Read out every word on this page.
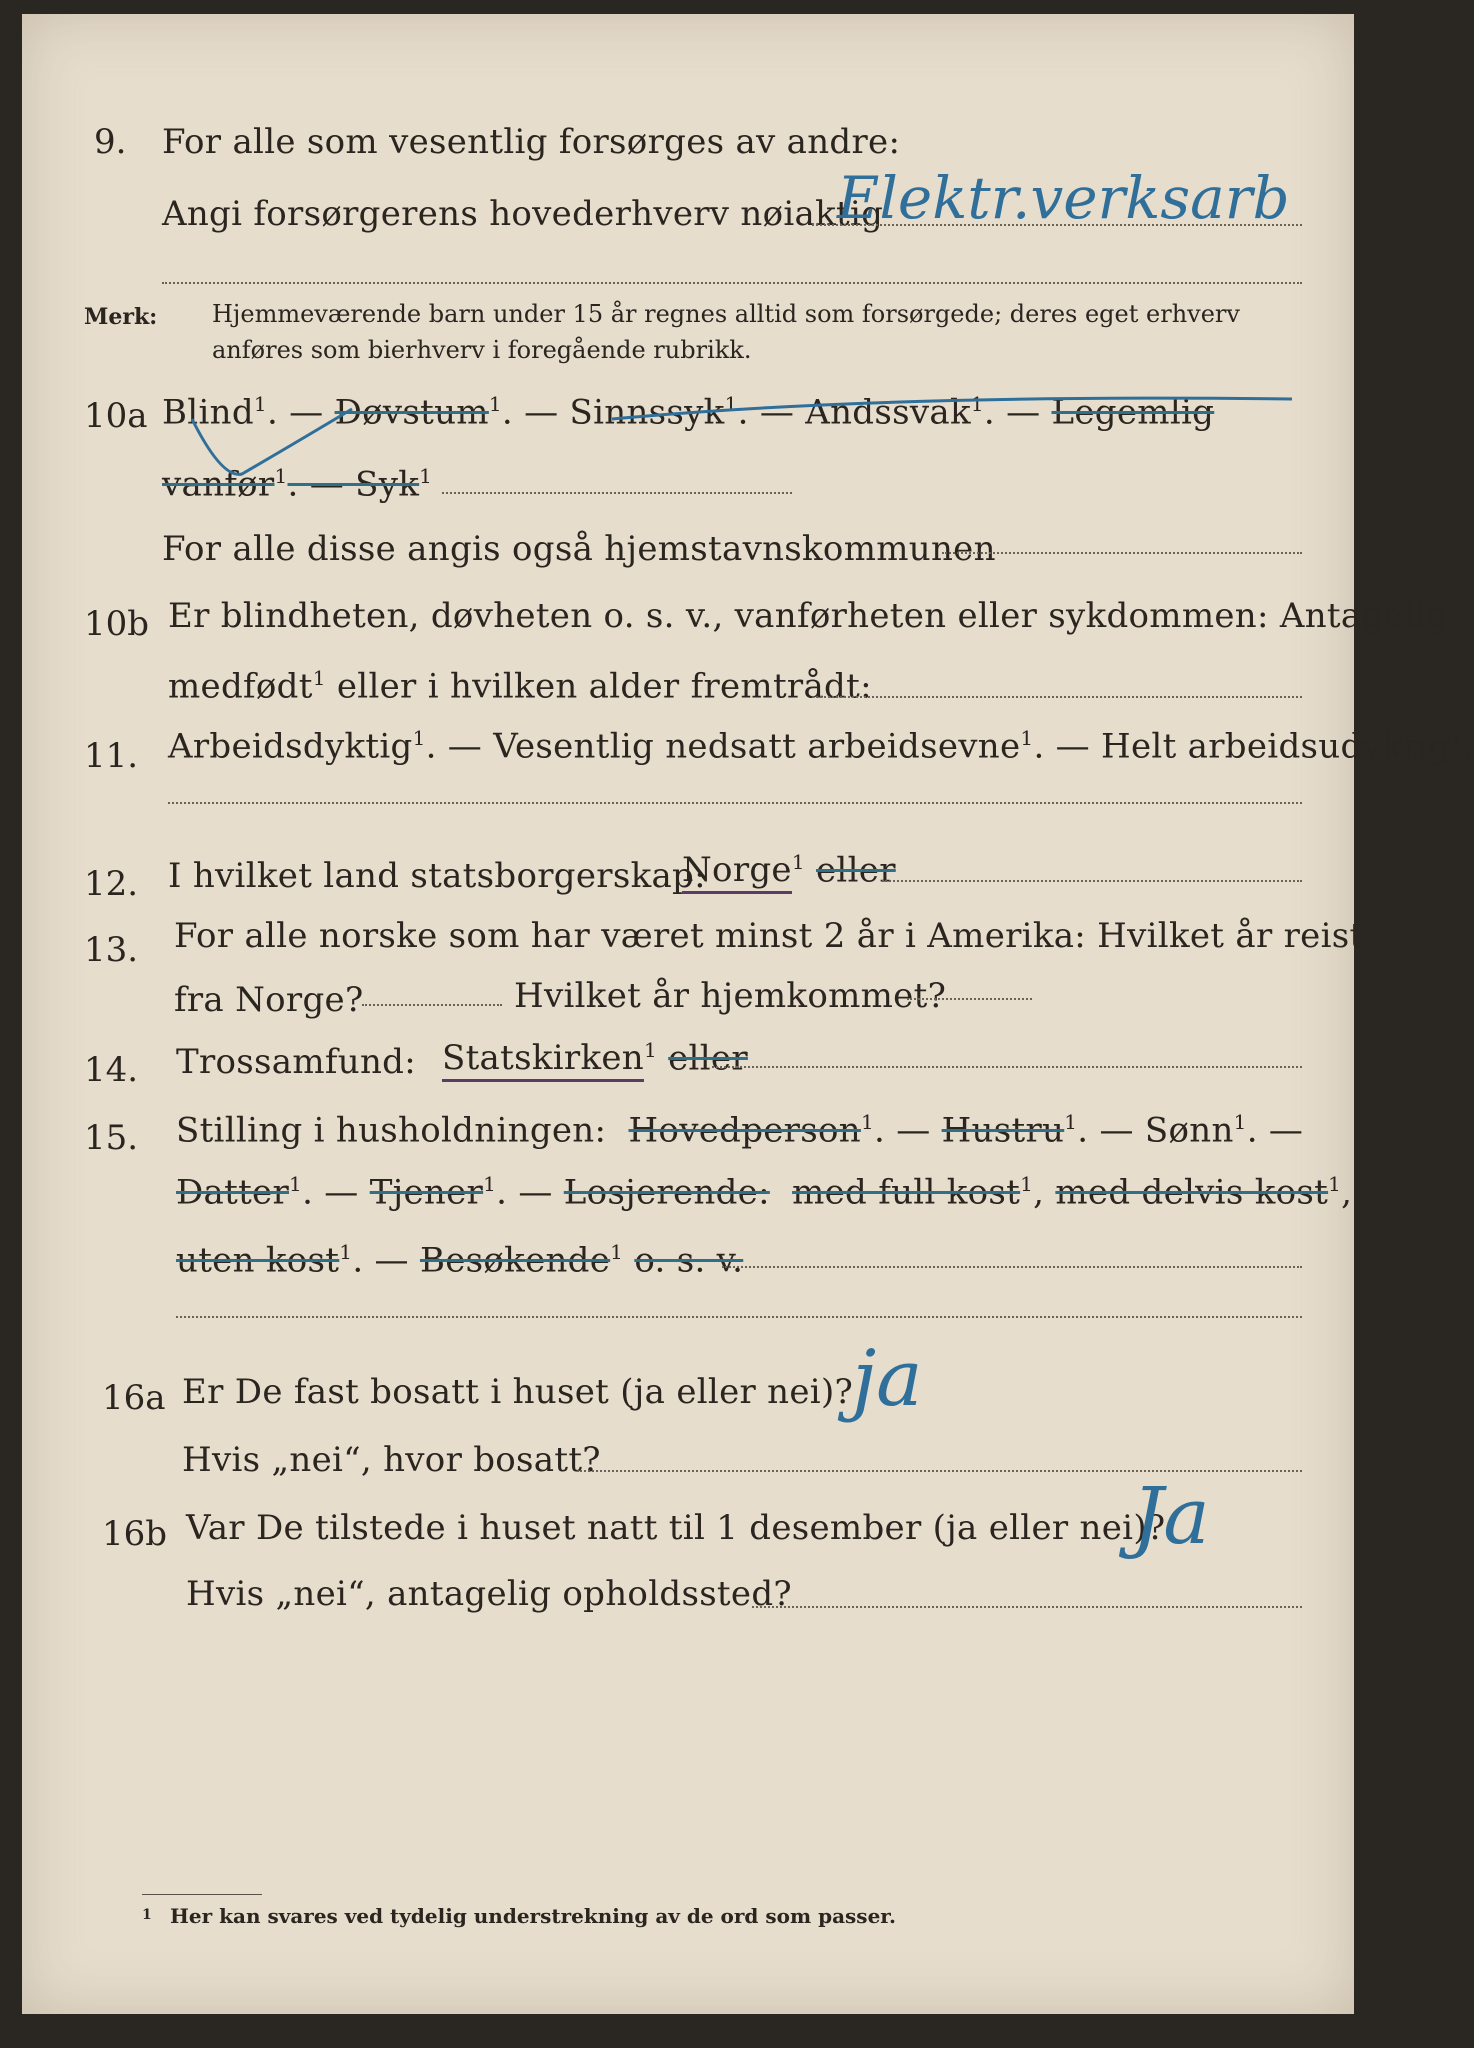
9. For alle som vesentlig forsørges av andre:
Angi forsørgerens hovederhverv nøiaktig
Elektr.verksarb
Merk: Hjemmeværende barn under 15 år regnes alltid som forsørgede; deres eget erhverv
anføres som bierhverv i foregående rubrikk.
10a Blind$^1$. — Døvstum$^1$. — Sinnssyk$^1$. — Andssvak$^1$. — Legemlig
vanfør$^1$. — Syk$^1$
For alle disse angis også hjemstavnskommunen
10b Er blindheten, døvheten o. s. v., vanførheten eller sykdommen: Antagelig
medfødt$^1$ eller i hvilken alder fremtrådt:
11. Arbeidsdyktig$^1$. — Vesentlig nedsatt arbeidsevne$^1$. — Helt arbeidsudyktig$^1$.
12. I hvilket land statsborgerskap:
Norge$^1$ eller
13. For alle norske som har været minst 2 år i Amerika: Hvilket år reist
fra Norge?	Hvilket år hjemkommet?
14. Trossamfund: Statskirken$^1$ eller
15. Stilling i husholdningen: Hovedperson$^1$. — Hustru$^1$. — Sønn$^1$. —
Datter$^1$. — Tjener$^1$. — Losjerende: med full kost$^1$, med delvis kost$^1$,
uten kost$^1$. — Besøkende$^1$ o. s. v.
16a Er De fast bosatt i huset (ja eller nei)?
ja
Hvis „nei“, hvor bosatt?
16b Var De tilstede i huset natt til 1 desember (ja eller nei)?
Ja
Hvis „nei“, antagelig opholdssted?
1 Her kan svares ved tydelig understrekning av de ord som passer.
